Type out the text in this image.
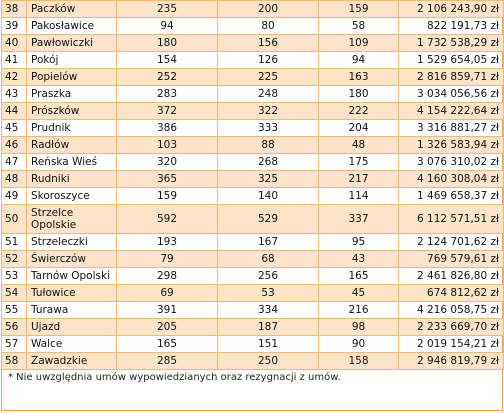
38	Paczków	235	200	159	2 106 243,90 zł
39	Pakosławice	94	80	58	822 191,73 zł
40	Pawłowiczki	180	156	109	1 732 538,29 zł
41	Pokój	154	126	94	1 529 654,05 zł
42	Popielów	252	225	163	2 816 859,71 zł
43	Praszka	283	248	180	3 034 056,56 zł
44	Prószków	372	322	222	4 154 222,64 zł
45	Prudnik	386	333	204	3 316 881,27 zł
46	Radłów	103	88	48	1 326 583,94 zł
47	Reńska Wieś	320	268	175	3 076 310,02 zł
48	Rudniki	365	325	217	4 160 308,04 zł
49	Skoroszyce	159	140	114	1 469 658,37 zł
50	Strzelce Opolskie	592	529	337	6 112 571,51 zł
51	Strzeleczki	193	167	95	2 124 701,62 zł
52	Świerczów	79	68	43	769 579,61 zł
53	Tarnów Opolski	298	256	165	2 461 826,80 zł
54	Tułowice	69	53	45	674 812,62 zł
55	Turawa	391	334	216	4 216 058,75 zł
56	Ujazd	205	187	98	2 233 669,70 zł
57	Walce	165	151	90	2 019 154,21 zł
58	Zawadzkie	285	250	158	2 946 819,79 zł
* Nie uwzględnia umów wypowiedzianych oraz rezygnacji z umów.
